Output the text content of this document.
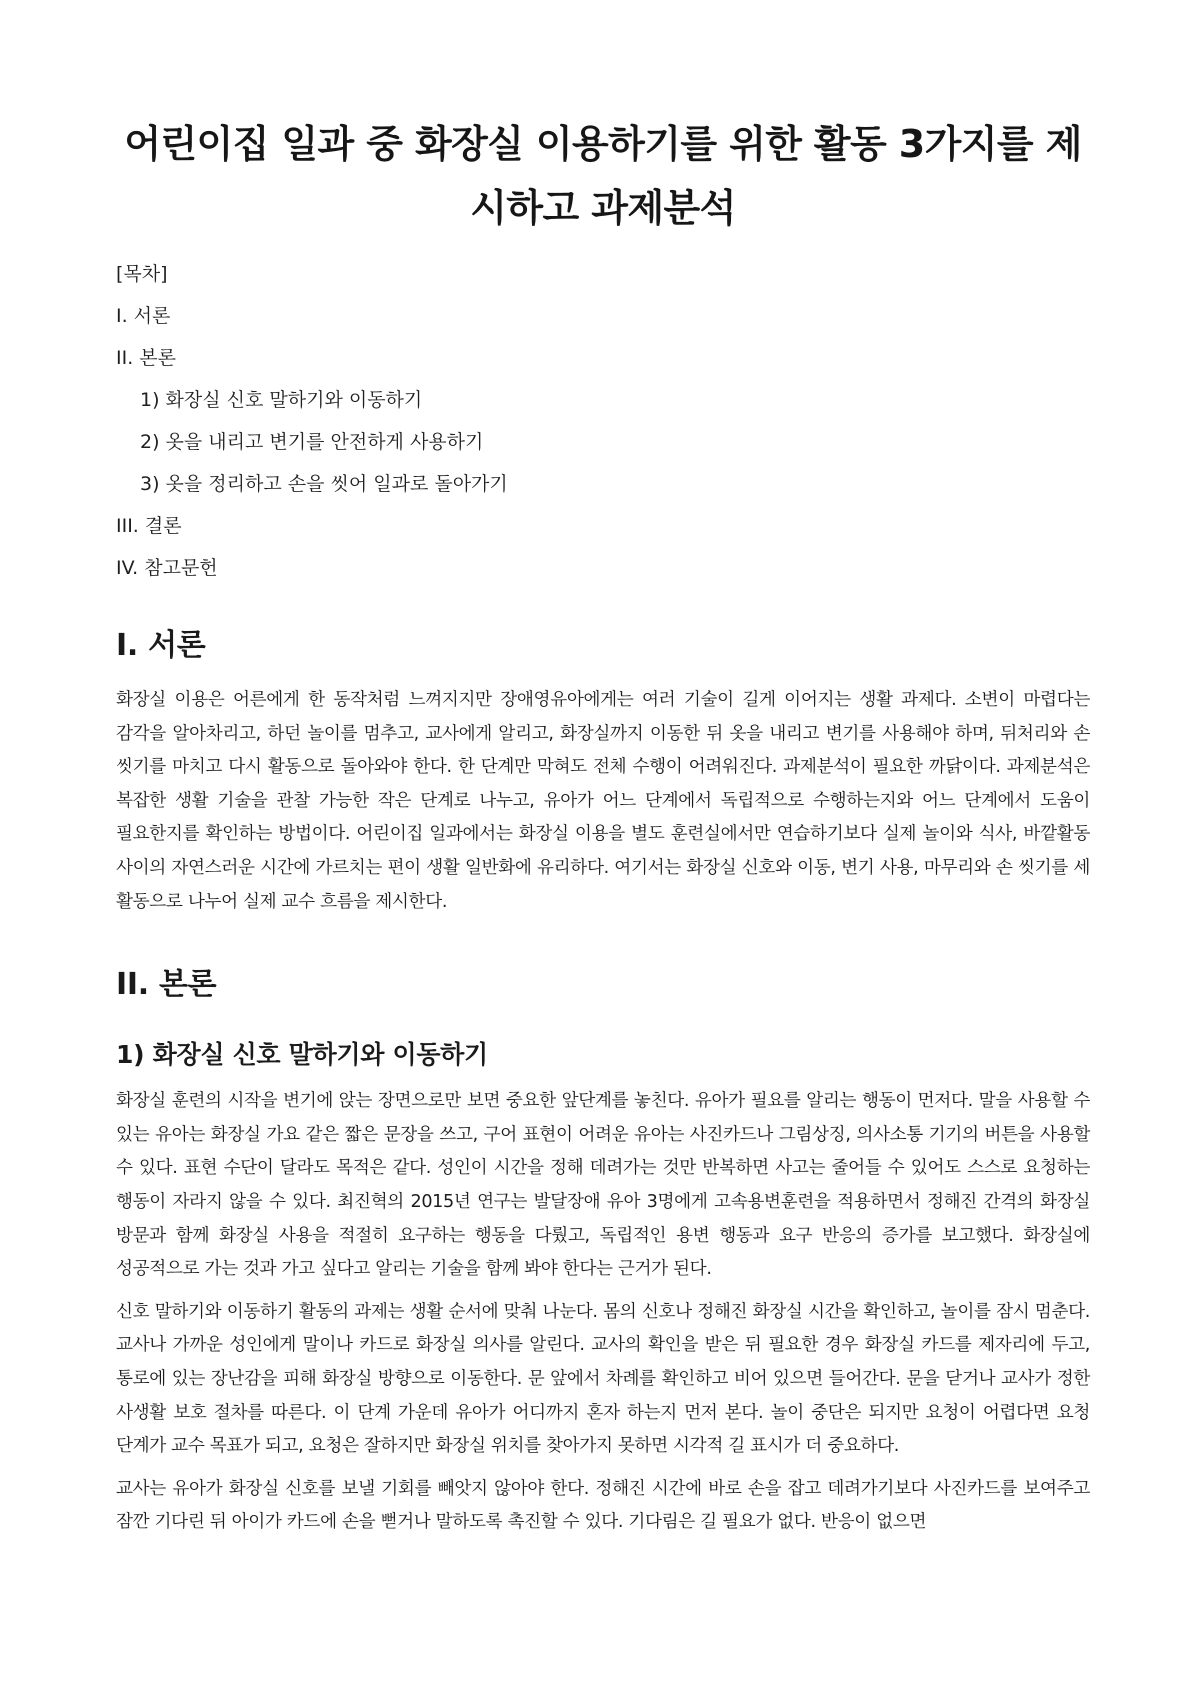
어린이집 일과 중 화장실 이용하기를 위한 활동 3가지를 제시하고 과제분석
[목차]
I. 서론
II. 본론
1) 화장실 신호 말하기와 이동하기
2) 옷을 내리고 변기를 안전하게 사용하기
3) 옷을 정리하고 손을 씻어 일과로 돌아가기
III. 결론
IV. 참고문헌
I. 서론

화장실 이용은 어른에게 한 동작처럼 느껴지지만 장애영유아에게는 여러 기술이 길게 이어지는 생활 과제다. 소변이 마렵다는 감각을 알아차리고, 하던 놀이를 멈추고, 교사에게 알리고, 화장실까지 이동한 뒤 옷을 내리고 변기를 사용해야 하며, 뒤처리와 손 씻기를 마치고 다시 활동으로 돌아와야 한다. 한 단계만 막혀도 전체 수행이 어려워진다. 과제분석이 필요한 까닭이다. 과제분석은 복잡한 생활 기술을 관찰 가능한 작은 단계로 나누고, 유아가 어느 단계에서 독립적으로 수행하는지와 어느 단계에서 도움이 필요한지를 확인하는 방법이다. 어린이집 일과에서는 화장실 이용을 별도 훈련실에서만 연습하기보다 실제 놀이와 식사, 바깥활동 사이의 자연스러운 시간에 가르치는 편이 생활 일반화에 유리하다. 여기서는 화장실 신호와 이동, 변기 사용, 마무리와 손 씻기를 세 활동으로 나누어 실제 교수 흐름을 제시한다.

II. 본론
1) 화장실 신호 말하기와 이동하기

화장실 훈련의 시작을 변기에 앉는 장면으로만 보면 중요한 앞단계를 놓친다. 유아가 필요를 알리는 행동이 먼저다. 말을 사용할 수 있는 유아는 화장실 가요 같은 짧은 문장을 쓰고, 구어 표현이 어려운 유아는 사진카드나 그림상징, 의사소통 기기의 버튼을 사용할 수 있다. 표현 수단이 달라도 목적은 같다. 성인이 시간을 정해 데려가는 것만 반복하면 사고는 줄어들 수 있어도 스스로 요청하는 행동이 자라지 않을 수 있다. 최진혁의 2015년 연구는 발달장애 유아 3명에게 고속용변훈련을 적용하면서 정해진 간격의 화장실 방문과 함께 화장실 사용을 적절히 요구하는 행동을 다뤘고, 독립적인 용변 행동과 요구 반응의 증가를 보고했다. 화장실에 성공적으로 가는 것과 가고 싶다고 알리는 기술을 함께 봐야 한다는 근거가 된다.

신호 말하기와 이동하기 활동의 과제는 생활 순서에 맞춰 나눈다. 몸의 신호나 정해진 화장실 시간을 확인하고, 놀이를 잠시 멈춘다. 교사나 가까운 성인에게 말이나 카드로 화장실 의사를 알린다. 교사의 확인을 받은 뒤 필요한 경우 화장실 카드를 제자리에 두고, 통로에 있는 장난감을 피해 화장실 방향으로 이동한다. 문 앞에서 차례를 확인하고 비어 있으면 들어간다. 문을 닫거나 교사가 정한 사생활 보호 절차를 따른다. 이 단계 가운데 유아가 어디까지 혼자 하는지 먼저 본다. 놀이 중단은 되지만 요청이 어렵다면 요청 단계가 교수 목표가 되고, 요청은 잘하지만 화장실 위치를 찾아가지 못하면 시각적 길 표시가 더 중요하다.

교사는 유아가 화장실 신호를 보낼 기회를 빼앗지 않아야 한다. 정해진 시간에 바로 손을 잡고 데려가기보다 사진카드를 보여주고 잠깐 기다린 뒤 아이가 카드에 손을 뻗거나 말하도록 촉진할 수 있다. 기다림은 길 필요가 없다. 반응이 없으면
